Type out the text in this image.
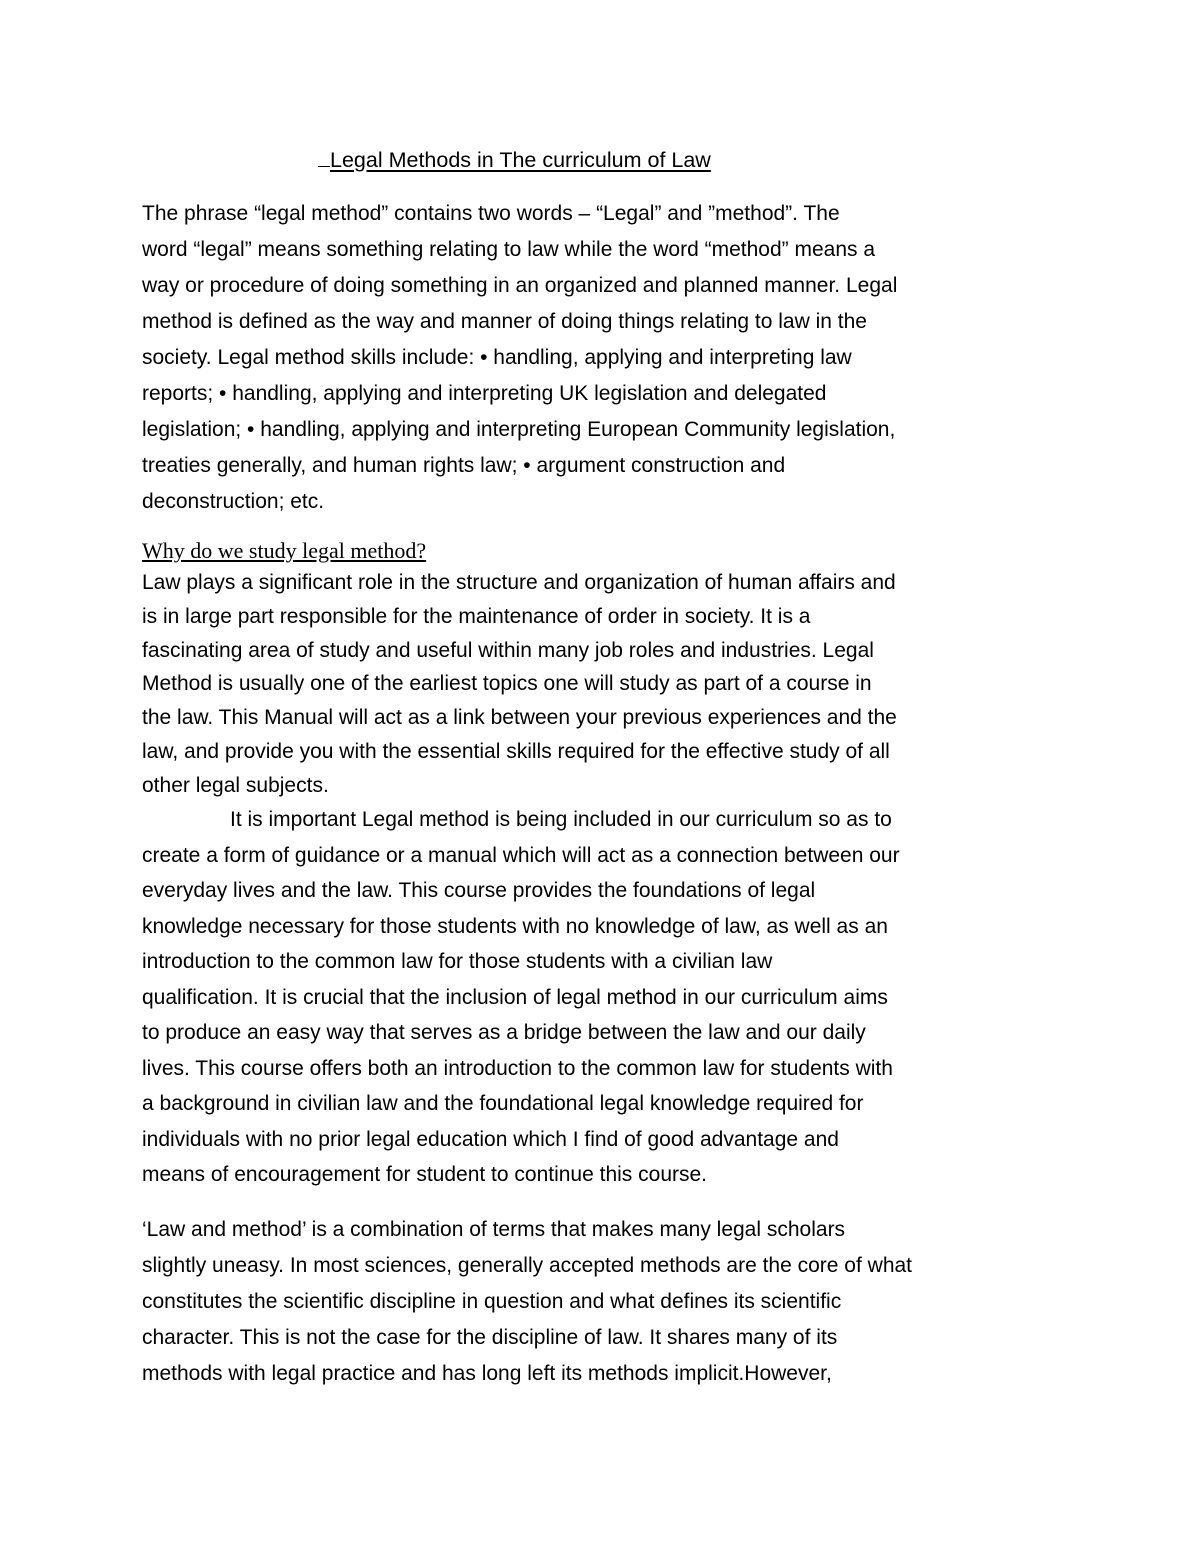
Legal Methods in The curriculum of Law

The phrase “legal method” contains two words – “Legal” and ”method”. The
word “legal” means something relating to law while the word “method” means a
way or procedure of doing something in an organized and planned manner. Legal
method is defined as the way and manner of doing things relating to law in the
society. Legal method skills include: • handling, applying and interpreting law
reports; • handling, applying and interpreting UK legislation and delegated
legislation; • handling, applying and interpreting European Community legislation,
treaties generally, and human rights law; • argument construction and
deconstruction; etc.

Why do we study legal method?

Law plays a significant role in the structure and organization of human affairs and
is in large part responsible for the maintenance of order in society. It is a
fascinating area of study and useful within many job roles and industries. Legal
Method is usually one of the earliest topics one will study as part of a course in
the law. This Manual will act as a link between your previous experiences and the
law, and provide you with the essential skills required for the effective study of all
other legal subjects.

It is important Legal method is being included in our curriculum so as to
create a form of guidance or a manual which will act as a connection between our
everyday lives and the law. This course provides the foundations of legal
knowledge necessary for those students with no knowledge of law, as well as an
introduction to the common law for those students with a civilian law
qualification. It is crucial that the inclusion of legal method in our curriculum aims
to produce an easy way that serves as a bridge between the law and our daily
lives. This course offers both an introduction to the common law for students with
a background in civilian law and the foundational legal knowledge required for
individuals with no prior legal education which I find of good advantage and
means of encouragement for student to continue this course.

‘Law and method’ is a combination of terms that makes many legal scholars
slightly uneasy. In most sciences, generally accepted methods are the core of what
constitutes the scientific discipline in question and what defines its scientific
character. This is not the case for the discipline of law. It shares many of its
methods with legal practice and has long left its methods implicit.However,
